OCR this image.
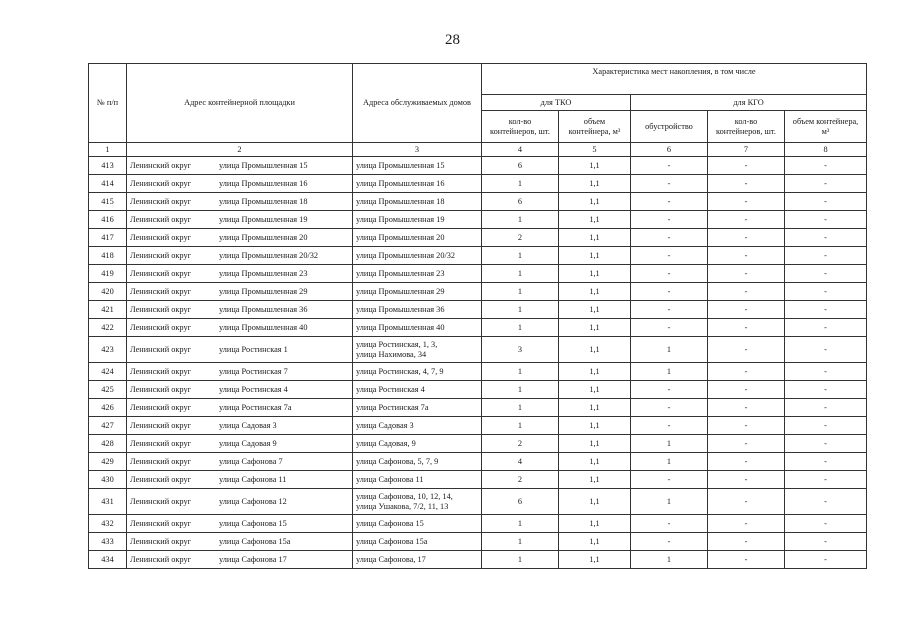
28
№ п/п	Адрес контейнерной площадки	Адреса обслуживаемых домов	Характеристика мест накопления, в том числе				
			для ТКО		для КГО		
			кол-во контейнеров, шт.	объем контейнера, м³	обустройство	кол-во контейнеров, шт.	объем контейнера, м³
1	2	3	4	5	6	7	8
413	Ленинский округ улица Промышленная 15	улица Промышленная 15	6	1,1	-	-	-
414	Ленинский округ улица Промышленная 16	улица Промышленная 16	1	1,1	-	-	-
415	Ленинский округ улица Промышленная 18	улица Промышленная 18	6	1,1	-	-	-
416	Ленинский округ улица Промышленная 19	улица Промышленная 19	1	1,1	-	-	-
417	Ленинский округ улица Промышленная 20	улица Промышленная 20	2	1,1	-	-	-
418	Ленинский округ улица Промышленная 20/32	улица Промышленная 20/32	1	1,1	-	-	-
419	Ленинский округ улица Промышленная 23	улица Промышленная 23	1	1,1	-	-	-
420	Ленинский округ улица Промышленная 29	улица Промышленная 29	1	1,1	-	-	-
421	Ленинский округ улица Промышленная 36	улица Промышленная 36	1	1,1	-	-	-
422	Ленинский округ улица Промышленная 40	улица Промышленная 40	1	1,1	-	-	-
423	Ленинский округ улица Ростинская 1	улица Ростинская, 1, 3,
улица Нахимова, 34	3	1,1	1	-	-
424	Ленинский округ улица Ростинская 7	улица Ростинская, 4, 7, 9	1	1,1	1	-	-
425	Ленинский округ улица Ростинская 4	улица Ростинская 4	1	1,1	-	-	-
426	Ленинский округ улица Ростинская 7а	улица Ростинская 7а	1	1,1	-	-	-
427	Ленинский округ улица Садовая 3	улица Садовая 3	1	1,1	-	-	-
428	Ленинский округ улица Садовая 9	улица Садовая, 9	2	1,1	1	-	-
429	Ленинский округ улица Сафонова 7	улица Сафонова, 5, 7, 9	4	1,1	1	-	-
430	Ленинский округ улица Сафонова 11	улица Сафонова 11	2	1,1	-	-	-
431	Ленинский округ улица Сафонова 12	улица Сафонова, 10, 12, 14,
улица Ушакова, 7/2, 11, 13	6	1,1	1	-	-
432	Ленинский округ улица Сафонова 15	улица Сафонова 15	1	1,1	-	-	-
433	Ленинский округ улица Сафонова 15а	улица Сафонова 15а	1	1,1	-	-	-
434	Ленинский округ улица Сафонова 17	улица Сафонова, 17	1	1,1	1	-	-
